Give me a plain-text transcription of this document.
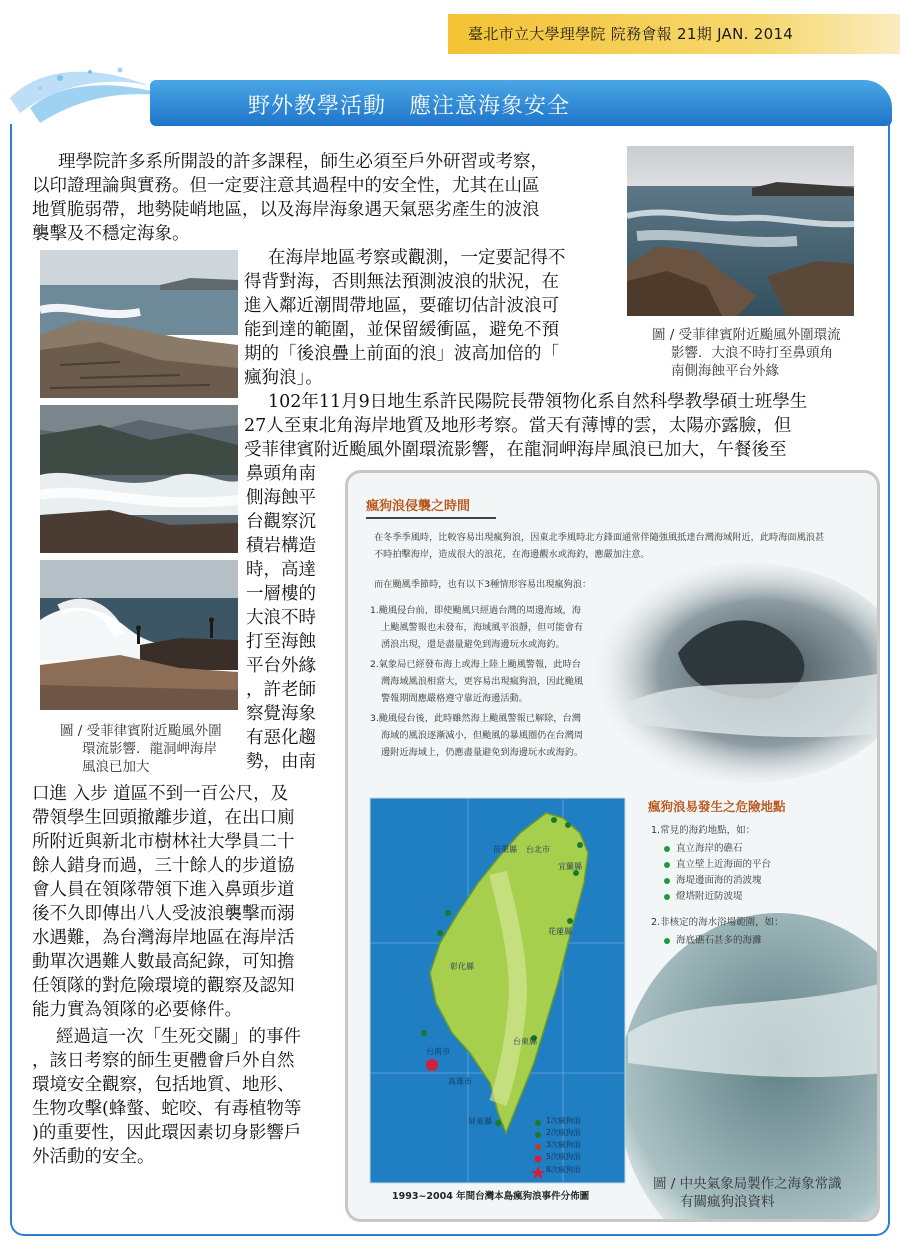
臺北市立大學理學院 院務會報 21期 JAN. 2014
野外教學活動　應注意海象安全
理學院許多系所開設的許多課程，師生必須至戶外研習或考察，
以印證理論與實務。但一定要注意其過程中的安全性，尤其在山區
地質脆弱帶，地勢陡峭地區，以及海岸海象遇天氣惡劣產生的波浪
襲擊及不穩定海象。
在海岸地區考察或觀測，一定要記得不
得背對海，否則無法預測波浪的狀況，在
進入鄰近潮間帶地區，要確切估計波浪可
能到達的範圍，並保留緩衝區，避免不預
期的「後浪疊上前面的浪」波高加倍的「
瘋狗浪」。
102年11月9日地生系許民陽院長帶領物化系自然科學教學碩士班學生
27人至東北角海岸地質及地形考察。當天有薄博的雲，太陽亦露臉，但
受菲律賓附近颱風外圍環流影響，在龍洞岬海岸風浪已加大，午餐後至
鼻頭角南
側海蝕平
台觀察沉
積岩構造
時，高達
一層樓的
大浪不時
打至海蝕
平台外緣
，許老師
察覺海象
有惡化趨
勢，由南
口進 入步 道區不到一百公尺，及
帶領學生回頭撤離步道，在出口廁
所附近與新北市樹林社大學員二十
餘人錯身而過，三十餘人的步道協
會人員在領隊帶領下進入鼻頭步道
後不久即傳出八人受波浪襲擊而溺
水遇難，為台灣海岸地區在海岸活
動單次遇難人數最高紀錄，可知擔
任領隊的對危險環境的觀察及認知
能力實為領隊的必要條件。
經過這一次「生死交關」的事件
，該日考察的師生更體會戶外自然
環境安全觀察，包括地質、地形、
生物攻擊(蜂螫、蛇咬、有毒植物等
)的重要性，因此環因素切身影響戶
外活動的安全。
圖 / 受菲律賓附近颱風外圍環流
影響．大浪不時打至鼻頭角
南側海蝕平台外緣
圖 / 受菲律賓附近颱風外圍
環流影響．龍洞岬海岸
風浪已加大
瘋狗浪侵襲之時間
在冬季季風時，比較容易出現瘋狗浪，因東北季風時北方鋒面通常伴隨強風抵達台灣海域附近，此時海面風浪甚
不時拍擊海岸，造成很大的浪花，在海邊觀水或海釣，應嚴加注意。
而在颱風季節時，也有以下3種情形容易出現瘋狗浪：
1.颱風侵台前，即使颱風只經過台灣的周邊海域，海
上颱風警報也未發布，海域風平浪靜，但可能會有
湧浪出現，還是盡量避免到海邊玩水或海釣。
2.氣象局已經發布海上或海上陸上颱風警報，此時台
灣海域風浪相當大，更容易出現瘋狗浪，因此颱風
警報期間應嚴格遵守靠近海邊活動。
3.颱風侵台後，此時雖然海上颱風警報已解除，台灣
海域的風浪逐漸減小，但颱風的暴風圈仍在台灣周
邊附近海域上，仍應盡量避免到海邊玩水或海釣。
瘋狗浪易發生之危險地點
1.常見的海釣地點，如：
直立海岸的礁石
直立壁上近海面的平台
海堤邊面海的消波塊
燈塔附近防波堤
2.非核定的海水浴場範圍，如：
海底礁石甚多的海灘
台北市
宜蘭縣
苗栗縣
彰化縣
花蓮縣
台東縣
台南市
高雄市
屏東縣	1次瘋狗浪
2次瘋狗浪
3次瘋狗浪
5次瘋狗浪
8次瘋狗浪
1993~2004 年間台灣本島瘋狗浪事件分佈圖
圖 / 中央氣象局製作之海象常識
有關瘋狗浪資料
